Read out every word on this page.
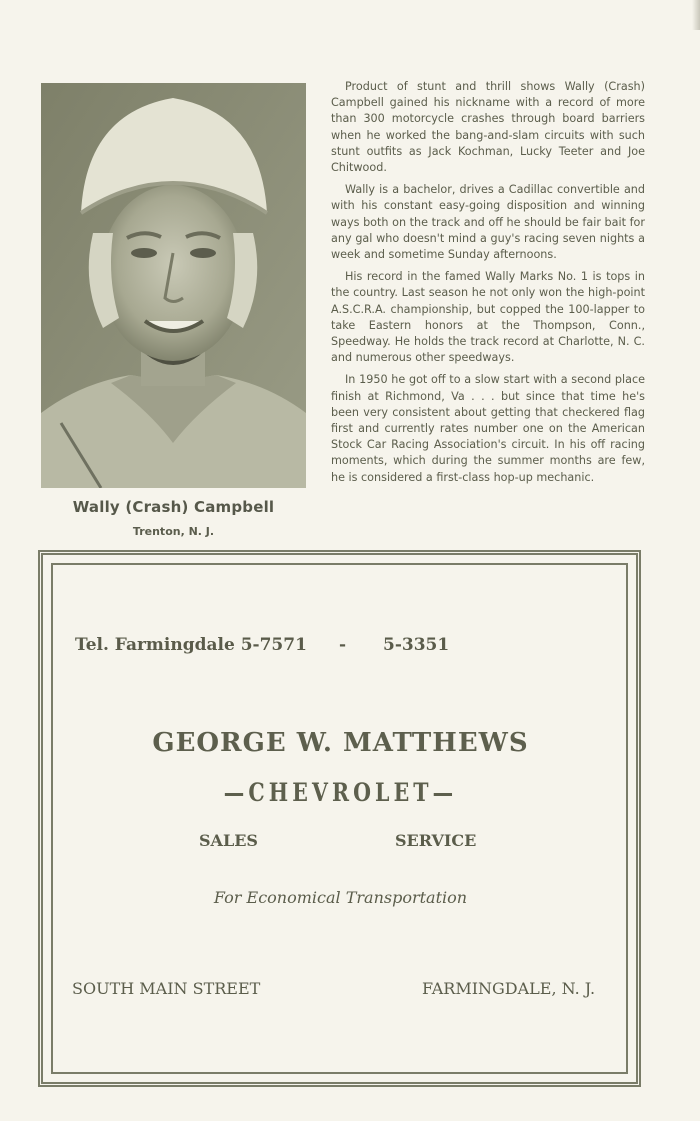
Wally (Crash) Campbell
Trenton, N. J.

Product of stunt and thrill shows Wally (Crash) Campbell gained his nickname with a record of more than 300 motorcycle crashes through board barriers when he worked the bang-and-slam circuits with such stunt outfits as Jack Kochman, Lucky Teeter and Joe Chitwood.

Wally is a bachelor, drives a Cadillac convertible and with his constant easy-going disposition and winning ways both on the track and off he should be fair bait for any gal who doesn't mind a guy's racing seven nights a week and sometime Sunday afternoons.

His record in the famed Wally Marks No. 1 is tops in the country. Last season he not only won the high-point A.S.C.R.A. championship, but copped the 100-lapper to take Eastern honors at the Thompson, Conn., Speedway. He holds the track record at Charlotte, N. C. and numerous other speedways.

In 1950 he got off to a slow start with a second place finish at Richmond, Va . . . but since that time he's been very consistent about getting that checkered flag first and currently rates number one on the American Stock Car Racing Association's circuit. In his off racing moments, which during the summer months are few, he is considered a first-class hop-up mechanic.

Tel. Farmingdale 5-7571 - 5-3351
GEORGE W. MATTHEWS
—CHEVROLET—
SALES	SERVICE
For Economical Transportation
SOUTH MAIN STREET	FARMINGDALE, N. J.
